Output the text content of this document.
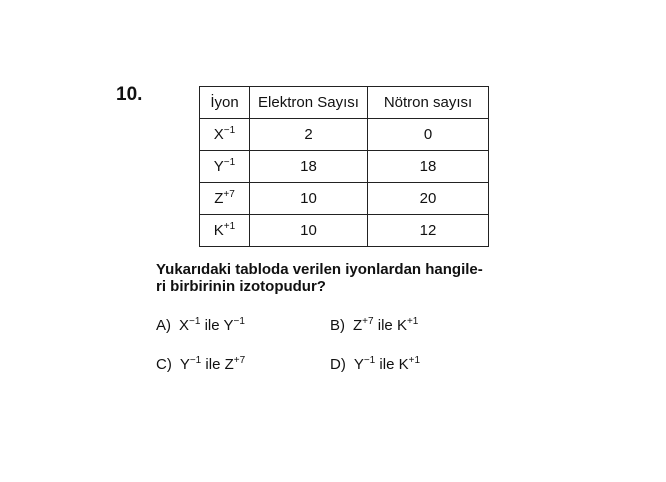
10.	İyon	Elektron Sayısı	Nötron sayısı
$X^{-1}$	2	0
$Y^{-1}$	18	18
$Z^{+7}$	10	20
$K^{+1}$	10	12
Yukarıdaki tabloda verilen iyonlardan hangile-
ri birbirinin izotopudur?
A) $X^{-1}$ ile $Y^{-1}$	B) $Z^{+7}$ ile $K^{+1}$
C) $Y^{-1}$ ile $Z^{+7}$	D) $Y^{-1}$ ile $K^{+1}$
